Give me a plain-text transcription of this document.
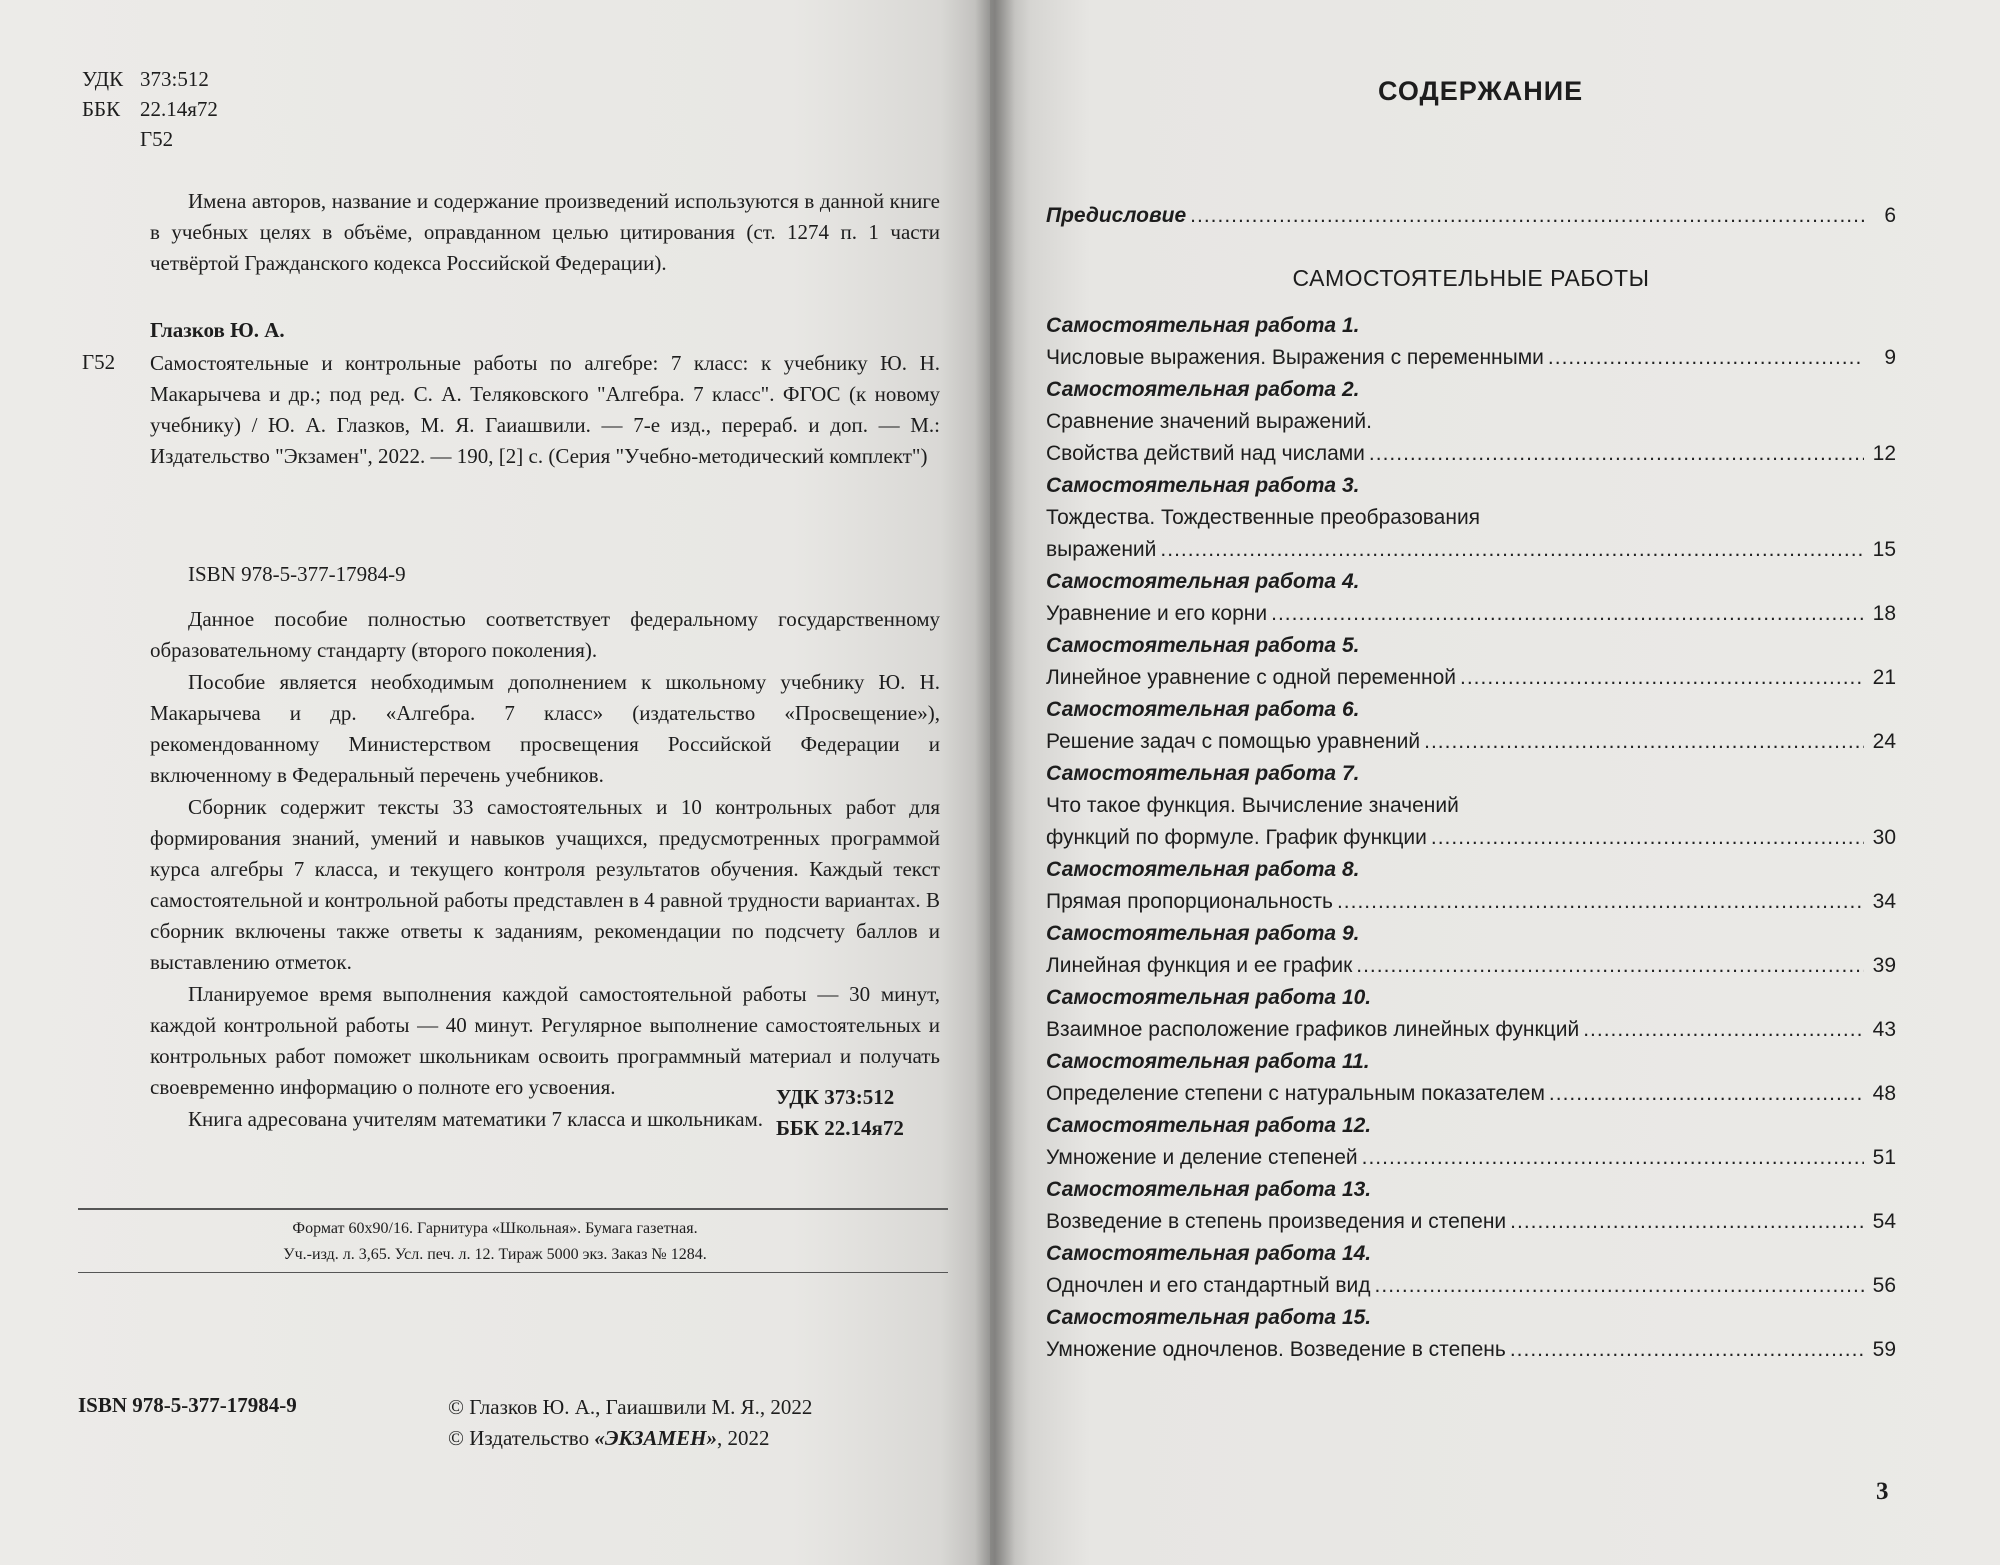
УДК 373:512
ББК 22.14я72
Г52
Имена авторов, название и содержание произведений используются в данной книге в учебных целях в объёме, оправданном целью цитирования (ст. 1274 п. 1 части четвёртой Гражданского кодекса Российской Федерации).
Глазков Ю. А.
Г52 Самостоятельные и контрольные работы по алгебре: 7 класс: к учебнику Ю. Н. Макарычева и др.; под ред. С. А. Теляковского "Алгебра. 7 класс". ФГОС (к новому учебнику) / Ю. А. Глазков, М. Я. Гаиашвили. — 7-е изд., перераб. и доп. — М.: Издательство "Экзамен", 2022. — 190, [2] с. (Серия "Учебно-методический комплект")
ISBN 978-5-377-17984-9

Данное пособие полностью соответствует федеральному государственному образовательному стандарту (второго поколения).

Пособие является необходимым дополнением к школьному учебнику Ю. Н. Макарычева и др. «Алгебра. 7 класс» (издательство «Просвещение»), рекомендованному Министерством просвещения Российской Федерации и включенному в Федеральный перечень учебников.

Сборник содержит тексты 33 самостоятельных и 10 контрольных работ для формирования знаний, умений и навыков учащихся, предусмотренных программой курса алгебры 7 класса, и текущего контроля результатов обучения. Каждый текст самостоятельной и контрольной работы представлен в 4 равной трудности вариантах. В сборник включены также ответы к заданиям, рекомендации по подсчету баллов и выставлению отметок.

Планируемое время выполнения каждой самостоятельной работы — 30 минут, каждой контрольной работы — 40 минут. Регулярное выполнение самостоятельных и контрольных работ поможет школьникам освоить программный материал и получать своевременно информацию о полноте его усвоения.

Книга адресована учителям математики 7 класса и школьникам.

УДК 373:512
ББК 22.14я72
Формат 60x90/16. Гарнитура «Школьная». Бумага газетная.
Уч.-изд. л. 3,65. Усл. печ. л. 12. Тираж 5000 экз. Заказ № 1284.
ISBN 978-5-377-17984-9	© Глазков Ю. А., Гаиашвили М. Я., 2022
© Издательство «ЭКЗАМЕН», 2022
СОДЕРЖАНИЕ
Предисловие .....	6
САМОСТОЯТЕЛЬНЫЕ РАБОТЫ
Самостоятельная работа 1.
Числовые выражения. Выражения с переменными .....	9
Самостоятельная работа 2.
Сравнение значений выражений.
Свойства действий над числами .....	12
Самостоятельная работа 3.
Тождества. Тождественные преобразования
выражений .....	15
Самостоятельная работа 4.
Уравнение и его корни .....	18
Самостоятельная работа 5.
Линейное уравнение с одной переменной .....	21
Самостоятельная работа 6.
Решение задач с помощью уравнений .....	24
Самостоятельная работа 7.
Что такое функция. Вычисление значений
функций по формуле. График функции .....	30
Самостоятельная работа 8.
Прямая пропорциональность .....	34
Самостоятельная работа 9.
Линейная функция и ее график .....	39
Самостоятельная работа 10.
Взаимное расположение графиков линейных функций .....	43
Самостоятельная работа 11.
Определение степени с натуральным показателем .....	48
Самостоятельная работа 12.
Умножение и деление степеней .....	51
Самостоятельная работа 13.
Возведение в степень произведения и степени .....	54
Самостоятельная работа 14.
Одночлен и его стандартный вид .....	56
Самостоятельная работа 15.
Умножение одночленов. Возведение в степень .....	59
3
